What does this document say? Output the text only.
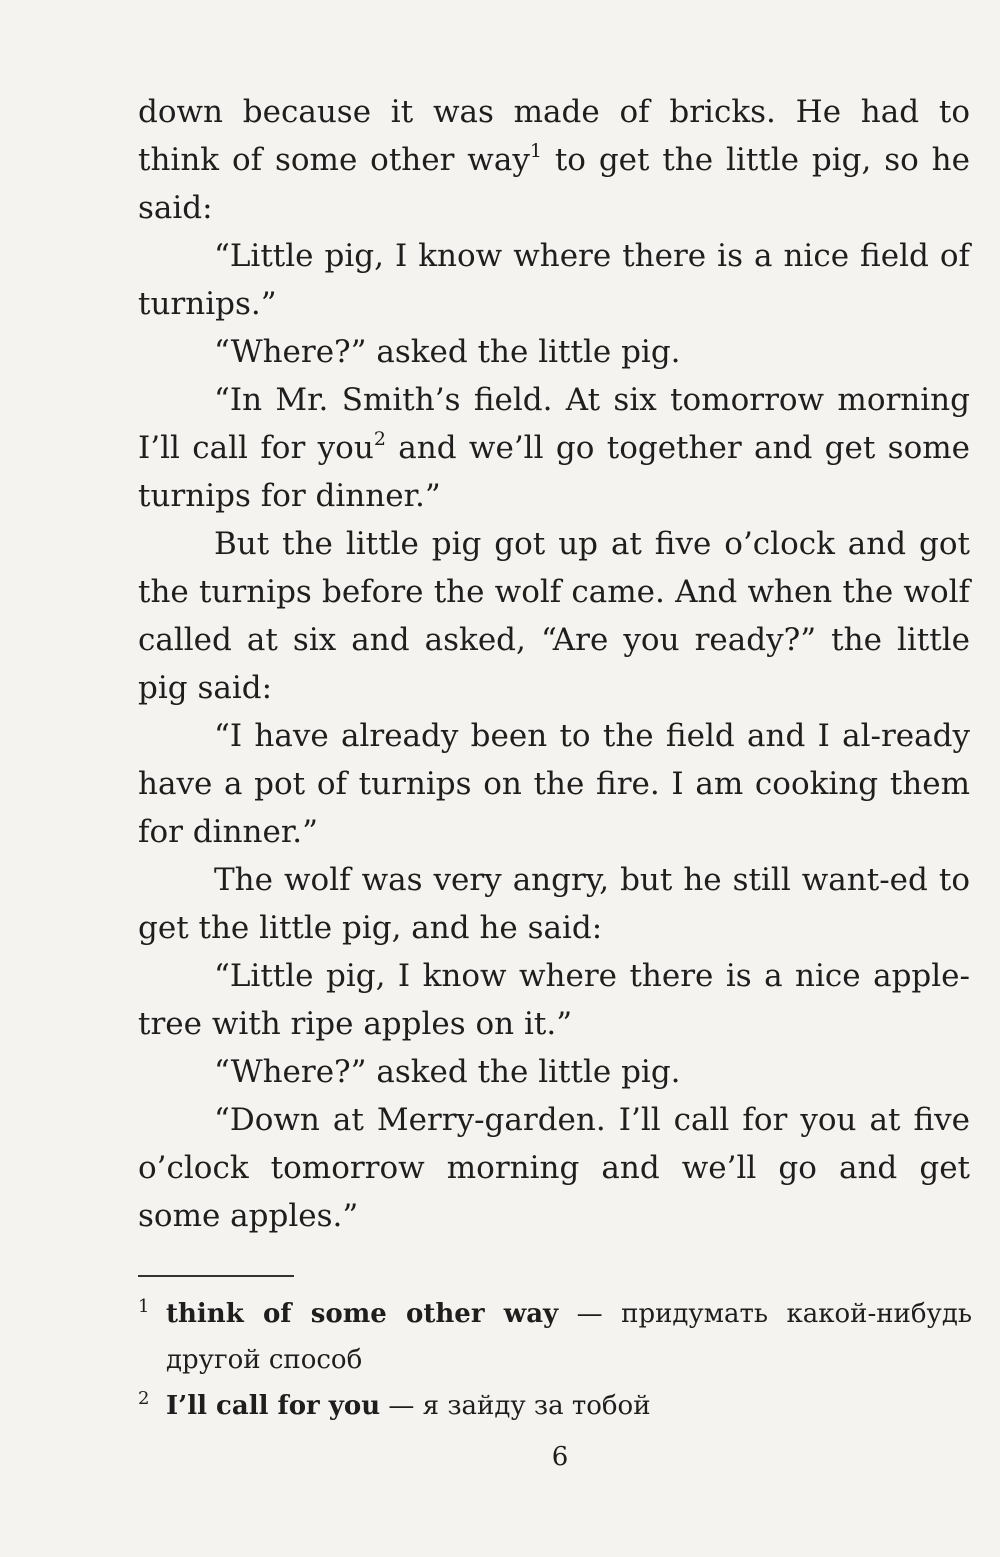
down because it was made of bricks. He had to think of some other way$^1$ to get the little pig, so he said:

“Little pig, I know where there is a nice field of turnips.”

“Where?” asked the little pig.

“In Mr. Smith’s field. At six tomorrow morning I’ll call for you$^2$ and we’ll go together and get some turnips for dinner.”

But the little pig got up at five o’clock and got the turnips before the wolf came. And when the wolf called at six and asked, “Are you ready?” the little pig said:

“I have already been to the field and I al-ready have a pot of turnips on the fire. I am cooking them for dinner.”

The wolf was very angry, but he still want-ed to get the little pig, and he said:

“Little pig, I know where there is a nice apple-tree with ripe apples on it.”

“Where?” asked the little pig.

“Down at Merry-garden. I’ll call for you at five o’clock tomorrow morning and we’ll go and get some apples.”

$^1$ think of some other way — придумать какой-нибудь другой способ

$^2$ I’ll call for you — я зайду за тобой

6
